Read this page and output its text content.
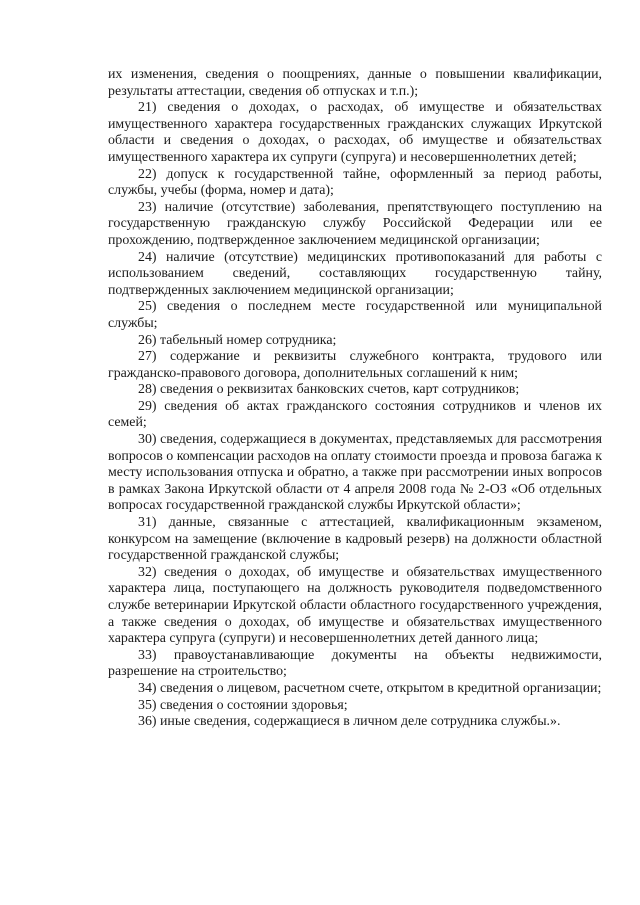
их изменения, сведения о поощрениях, данные о повышении квалификации, результаты аттестации, сведения об отпусках и т.п.);

21) сведения о доходах, о расходах, об имуществе и обязательствах имущественного характера государственных гражданских служащих Иркутской области и сведения о доходах, о расходах, об имуществе и обязательствах имущественного характера их супруги (супруга) и несовершеннолетних детей;

22) допуск к государственной тайне, оформленный за период работы, службы, учебы (форма, номер и дата);

23) наличие (отсутствие) заболевания, препятствующего поступлению на государственную гражданскую службу Российской Федерации или ее прохождению, подтвержденное заключением медицинской организации;

24) наличие (отсутствие) медицинских противопоказаний для работы с использованием сведений, составляющих государственную тайну, подтвержденных заключением медицинской организации;

25) сведения о последнем месте государственной или муниципальной службы;

26) табельный номер сотрудника;

27) содержание и реквизиты служебного контракта, трудового или гражданско-правового договора, дополнительных соглашений к ним;

28) сведения о реквизитах банковских счетов, карт сотрудников;

29) сведения об актах гражданского состояния сотрудников и членов их семей;

30) сведения, содержащиеся в документах, представляемых для рассмотрения вопросов о компенсации расходов на оплату стоимости проезда и провоза багажа к месту использования отпуска и обратно, а также при рассмотрении иных вопросов в рамках Закона Иркутской области от 4 апреля 2008 года № 2-ОЗ «Об отдельных вопросах государственной гражданской службы Иркутской области»;

31) данные, связанные с аттестацией, квалификационным экзаменом, конкурсом на замещение (включение в кадровый резерв) на должности областной государственной гражданской службы;

32) сведения о доходах, об имуществе и обязательствах имущественного характера лица, поступающего на должность руководителя подведомственного службе ветеринарии Иркутской области областного государственного учреждения, а также сведения о доходах, об имуществе и обязательствах имущественного характера супруга (супруги) и несовершеннолетних детей данного лица;

33) правоустанавливающие документы на объекты недвижимости, разрешение на строительство;

34) сведения о лицевом, расчетном счете, открытом в кредитной организации;

35) сведения о состоянии здоровья;

36) иные сведения, содержащиеся в личном деле сотрудника службы.».
